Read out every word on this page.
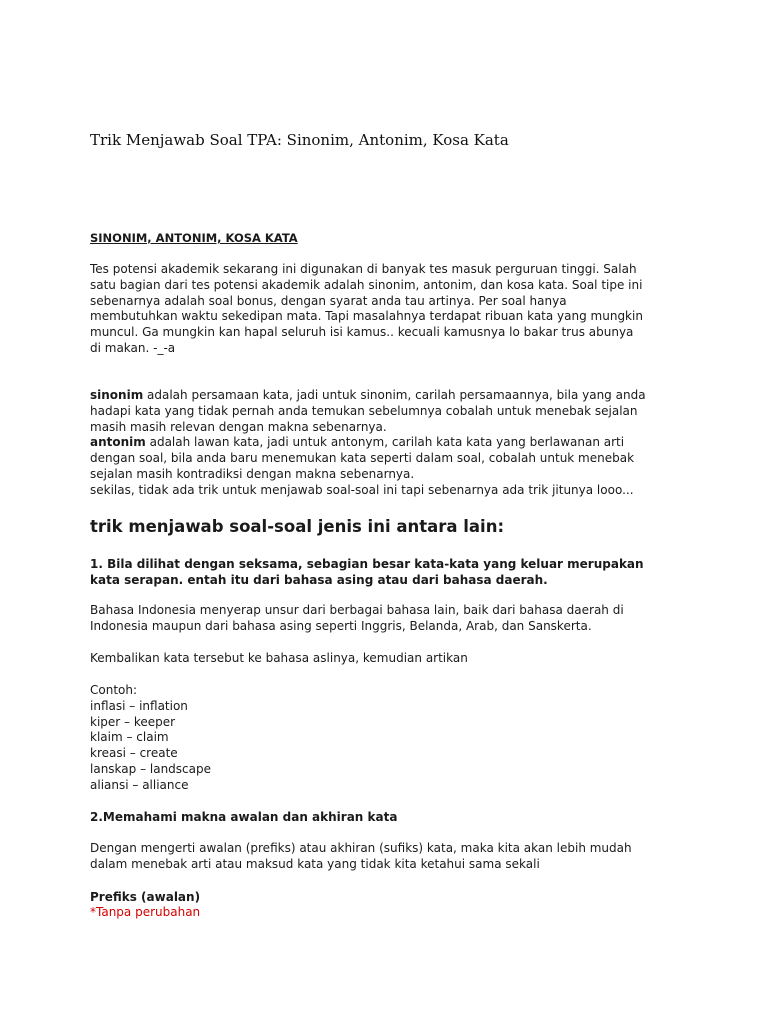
Trik Menjawab Soal TPA: Sinonim, Antonim, Kosa Kata
SINONIM, ANTONIM, KOSA KATA

Tes potensi akademik sekarang ini digunakan di banyak tes masuk perguruan tinggi. Salah
satu bagian dari tes potensi akademik adalah sinonim, antonim, dan kosa kata. Soal tipe ini
sebenarnya adalah soal bonus, dengan syarat anda tau artinya. Per soal hanya
membutuhkan waktu sekedipan mata. Tapi masalahnya terdapat ribuan kata yang mungkin
muncul. Ga mungkin kan hapal seluruh isi kamus.. kecuali kamusnya lo bakar trus abunya
di makan. -_-a

sinonim adalah persamaan kata, jadi untuk sinonim, carilah persamaannya, bila yang anda
hadapi kata yang tidak pernah anda temukan sebelumnya cobalah untuk menebak sejalan
masih masih relevan dengan makna sebenarnya.
antonim adalah lawan kata, jadi untuk antonym, carilah kata kata yang berlawanan arti
dengan soal, bila anda baru menemukan kata seperti dalam soal, cobalah untuk menebak
sejalan masih kontradiksi dengan makna sebenarnya.
sekilas, tidak ada trik untuk menjawab soal-soal ini tapi sebenarnya ada trik jitunya looo...

trik menjawab soal-soal jenis ini antara lain:

1. Bila dilihat dengan seksama, sebagian besar kata-kata yang keluar merupakan
kata serapan. entah itu dari bahasa asing atau dari bahasa daerah.

Bahasa Indonesia menyerap unsur dari berbagai bahasa lain, baik dari bahasa daerah di
Indonesia maupun dari bahasa asing seperti Inggris, Belanda, Arab, dan Sanskerta.

Kembalikan kata tersebut ke bahasa aslinya, kemudian artikan

Contoh:
inflasi – inflation
kiper – keeper
klaim – claim
kreasi – create
lanskap – landscape
aliansi – alliance

2.Memahami makna awalan dan akhiran kata

Dengan mengerti awalan (prefiks) atau akhiran (sufiks) kata, maka kita akan lebih mudah
dalam menebak arti atau maksud kata yang tidak kita ketahui sama sekali

Prefiks (awalan)

*Tanpa perubahan
